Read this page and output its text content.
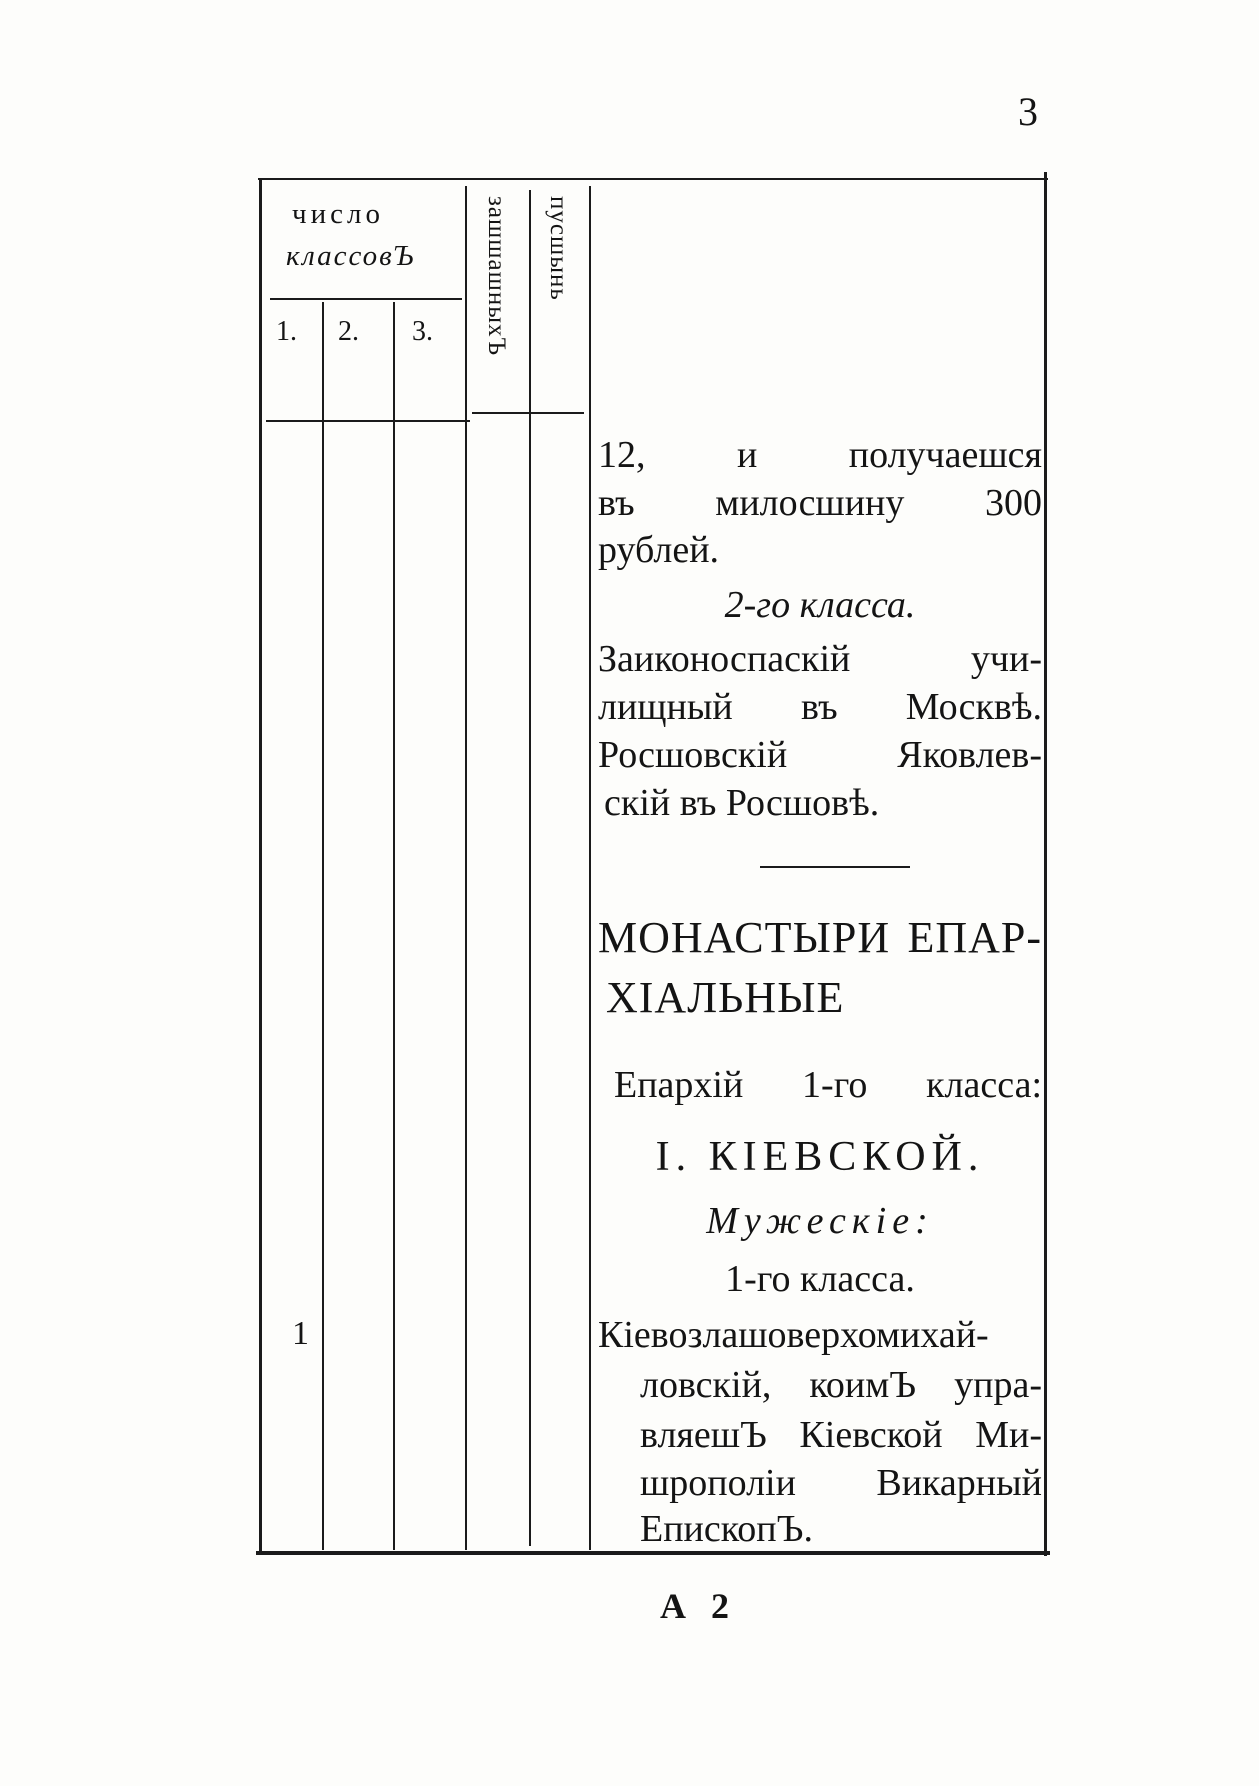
3
число
классовЪ
1. 2. 3. зашшашныхЪ пусшынь
1
12, и получаешся
въ милосшину 300
рублей.
2-го класса.
Заиконоспаскій учи-
лищный въ Москвѣ.
Росшовскій Яковлев-
скій въ Росшовѣ.
МОНАСТЫРИ ЕПАР-
ХІАЛЬНЫЕ
Епархій 1-го класса:
I. КІЕВСКОЙ.
Мужескіе:
1-го класса.
Кіевозлашоверхомихай-
ловскій, коимЪ упра-
вляешЪ Кіевской Ми-
шрополіи Викарный
ЕпископЪ.
А 2
